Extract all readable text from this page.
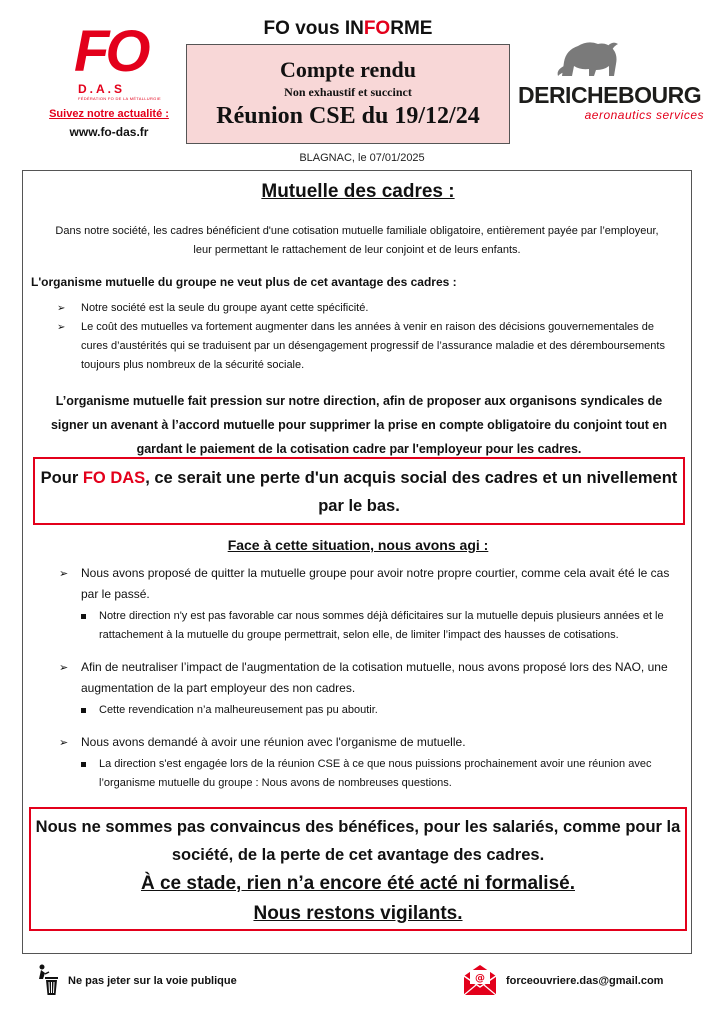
FO
D.A.S
FÉDÉRATION FO DE LA MÉTALLURGIE
Suivez notre actualité :
www.fo-das.fr
FO vous INFORME
Compte rendu
Non exhaustif et succinct
Réunion CSE du 19/12/24
DERICHEBOURG
aeronautics services
BLAGNAC, le 07/01/2025
Mutuelle des cadres :
Dans notre société, les cadres bénéficient d'une cotisation mutuelle familiale obligatoire, entièrement payée par l’employeur, leur permettant le rattachement de leur conjoint et de leurs enfants.
L'organisme mutuelle du groupe ne veut plus de cet avantage des cadres :
➢ Notre société est la seule du groupe ayant cette spécificité.
➢ Le coût des mutuelles va fortement augmenter dans les années à venir en raison des décisions gouvernementales de cures d’austérités qui se traduisent par un désengagement progressif de l’assurance maladie et des déremboursements toujours plus nombreux de la sécurité sociale.
L’organisme mutuelle fait pression sur notre direction, afin de proposer aux organisons syndicales de signer un avenant à l’accord mutuelle pour supprimer la prise en compte obligatoire du conjoint tout en gardant le paiement de la cotisation cadre par l'employeur pour les cadres.
Pour FO DAS, ce serait une perte d'un acquis social des cadres et un nivellement par le bas.
Face à cette situation, nous avons agi :
➢ Nous avons proposé de quitter la mutuelle groupe pour avoir notre propre courtier, comme cela avait été le cas par le passé.
Notre direction n'y est pas favorable car nous sommes déjà déficitaires sur la mutuelle depuis plusieurs années et le rattachement à la mutuelle du groupe permettrait, selon elle, de limiter l’impact des hausses de cotisations.
➢ Afin de neutraliser l’impact de l'augmentation de la cotisation mutuelle, nous avons proposé lors des NAO, une augmentation de la part employeur des non cadres.
Cette revendication n’a malheureusement pas pu aboutir.
➢ Nous avons demandé à avoir une réunion avec l'organisme de mutuelle.
La direction s'est engagée lors de la réunion CSE à ce que nous puissions prochainement avoir une réunion avec l’organisme mutuelle du groupe : Nous avons de nombreuses questions.
Nous ne sommes pas convaincus des bénéfices, pour les salariés, comme pour la société, de la perte de cet avantage des cadres.
À ce stade, rien n’a encore été acté ni formalisé.
Nous restons vigilants.
Ne pas jeter sur la voie publique	@ forceouvriere.das@gmail.com
